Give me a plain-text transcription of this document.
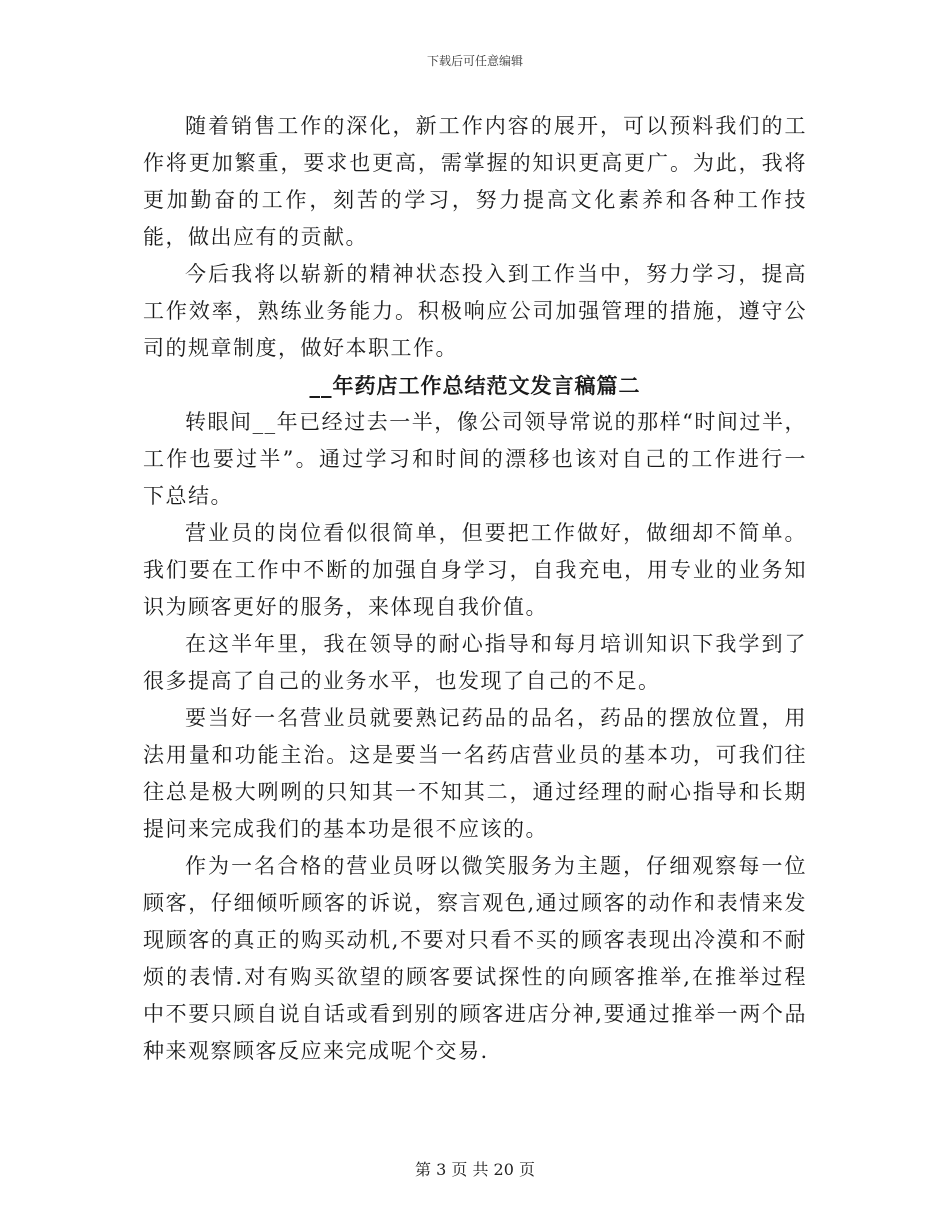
下载后可任意编辑

随着销售工作的深化，新工作内容的展开，可以预料我们的工作将更加繁重，要求也更高，需掌握的知识更高更广。为此，我将更加勤奋的工作，刻苦的学习，努力提高文化素养和各种工作技能，做出应有的贡献。

今后我将以崭新的精神状态投入到工作当中，努力学习，提高工作效率，熟练业务能力。积极响应公司加强管理的措施，遵守公司的规章制度，做好本职工作。

__年药店工作总结范文发言稿篇二

转眼间__年已经过去一半，像公司领导常说的那样“时间过半，工作也要过半”。通过学习和时间的漂移也该对自己的工作进行一下总结。

营业员的岗位看似很简单，但要把工作做好，做细却不简单。我们要在工作中不断的加强自身学习，自我充电，用专业的业务知识为顾客更好的服务，来体现自我价值。

在这半年里，我在领导的耐心指导和每月培训知识下我学到了很多提高了自己的业务水平，也发现了自己的不足。

要当好一名营业员就要熟记药品的品名，药品的摆放位置，用法用量和功能主治。这是要当一名药店营业员的基本功，可我们往往总是极大咧咧的只知其一不知其二，通过经理的耐心指导和长期提问来完成我们的基本功是很不应该的。

作为一名合格的营业员呀以微笑服务为主题，仔细观察每一位顾客，仔细倾听顾客的诉说，察言观色,通过顾客的动作和表情来发现顾客的真正的购买动机,不要对只看不买的顾客表现出冷漠和不耐烦的表情.对有购买欲望的顾客要试探性的向顾客推举,在推举过程中不要只顾自说自话或看到别的顾客进店分神,要通过推举一两个品种来观察顾客反应来完成呢个交易.

第 3 页 共 20 页
